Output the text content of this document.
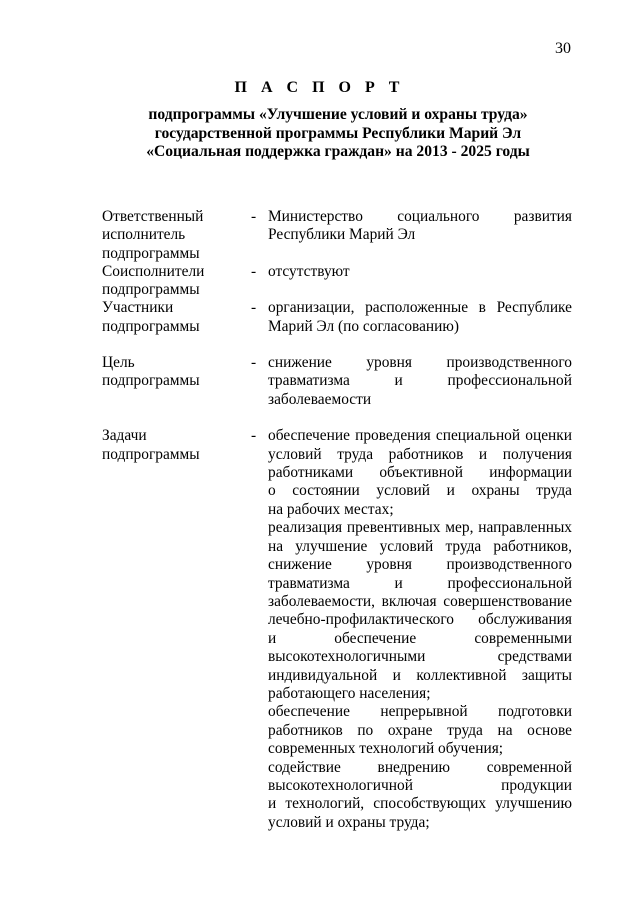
30
П А С П О Р Т
подпрограммы «Улучшение условий и охраны труда»
государственной программы Республики Марий Эл
«Социальная поддержка граждан» на 2013 - 2025 годы
Ответственный
исполнитель
подпрограммы
- Министерство социального развития

Республики Марий Эл

Соисполнители
подпрограммы
- отсутствуют

Участники
подпрограммы
- организации, расположенные в Республике

Марий Эл (по согласованию)

Цель
подпрограммы
- снижение уровня производственного

травматизма и профессиональной

заболеваемости

Задачи
подпрограммы
- обеспечение проведения специальной оценки

условий труда работников и получения

работниками объективной информации

о состоянии условий и охраны труда

на рабочих местах;

реализация превентивных мер, направленных

на улучшение условий труда работников,

снижение уровня производственного

травматизма и профессиональной

заболеваемости, включая совершенствование

лечебно-профилактического обслуживания

и обеспечение современными

высокотехнологичными средствами

индивидуальной и коллективной защиты

работающего населения;

обеспечение непрерывной подготовки

работников по охране труда на основе

современных технологий обучения;

содействие внедрению современной

высокотехнологичной продукции

и технологий, способствующих улучшению

условий и охраны труда;
